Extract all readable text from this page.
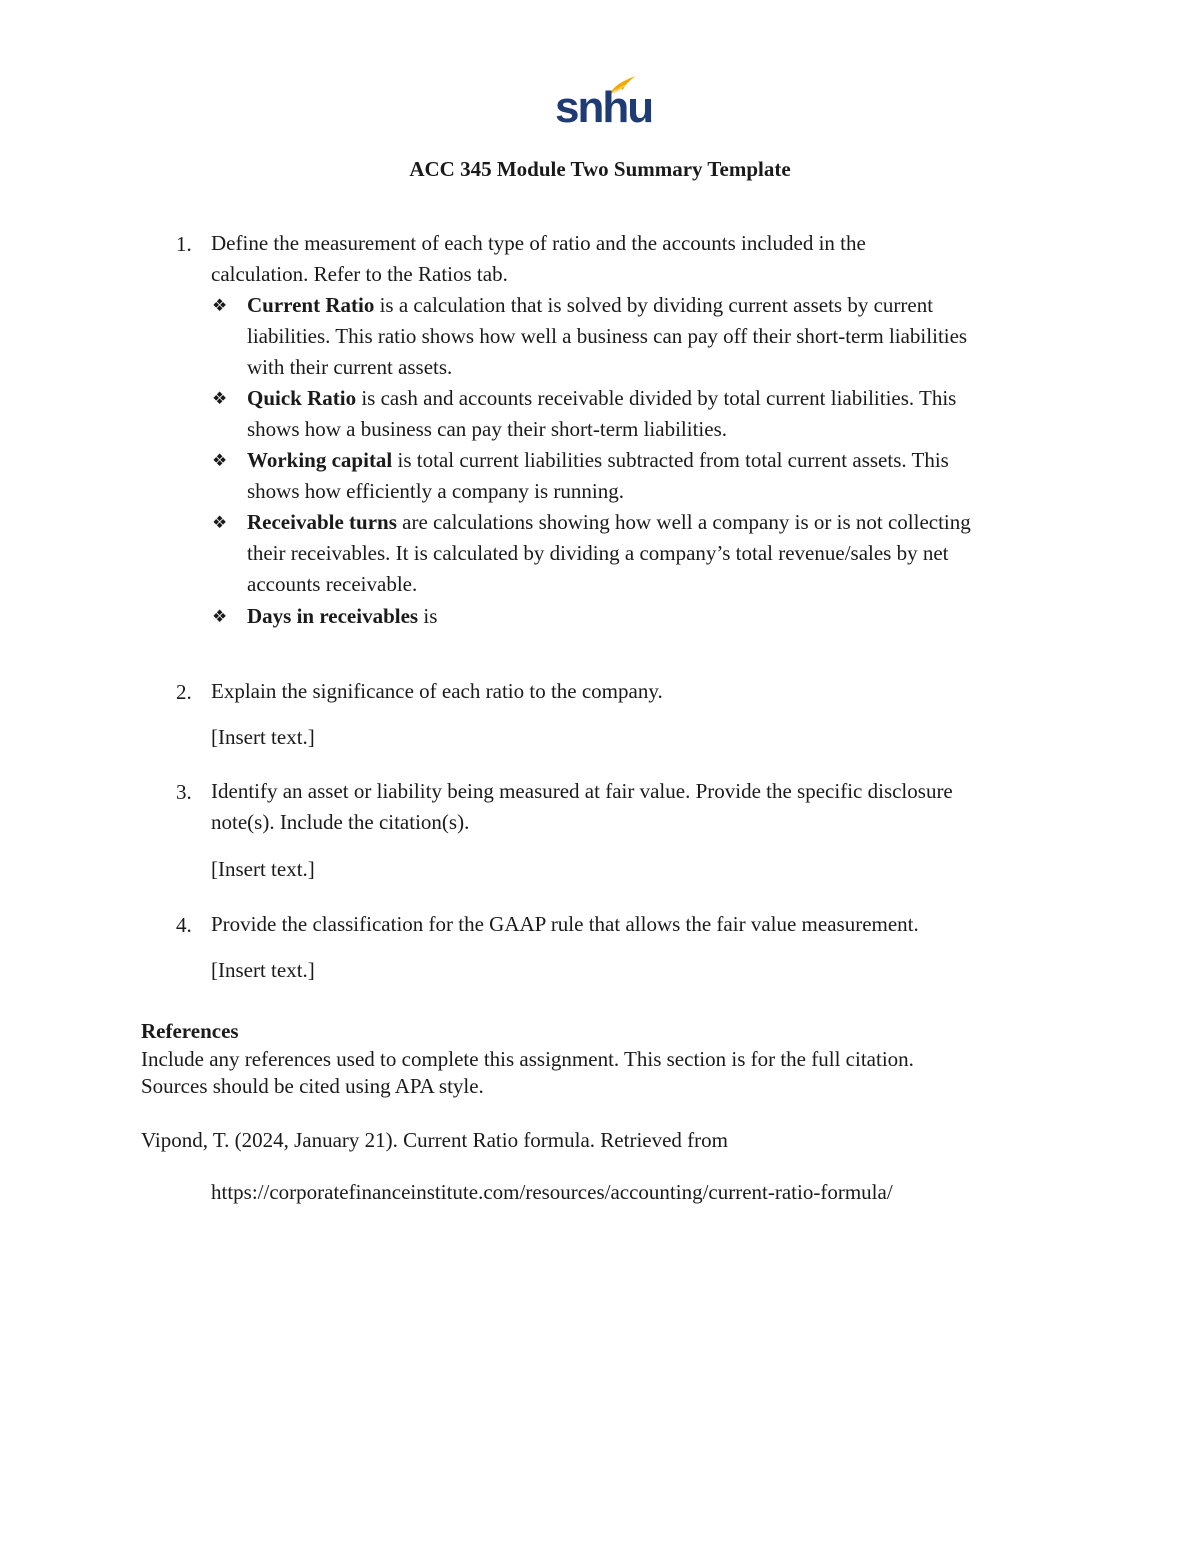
snhu
ACC 345 Module Two Summary Template
1. Define the measurement of each type of ratio and the accounts included in the
calculation. Refer to the Ratios tab.
❖ Current Ratio is a calculation that is solved by dividing current assets by current
liabilities. This ratio shows how well a business can pay off their short-term liabilities
with their current assets.
❖ Quick Ratio is cash and accounts receivable divided by total current liabilities. This
shows how a business can pay their short-term liabilities.
❖ Working capital is total current liabilities subtracted from total current assets. This
shows how efficiently a company is running.
❖ Receivable turns are calculations showing how well a company is or is not collecting
their receivables. It is calculated by dividing a company’s total revenue/sales by net
accounts receivable.
❖ Days in receivables is
2. Explain the significance of each ratio to the company.
[Insert text.]
3. Identify an asset or liability being measured at fair value. Provide the specific disclosure
note(s). Include the citation(s).
[Insert text.]
4. Provide the classification for the GAAP rule that allows the fair value measurement.
[Insert text.]
References
Include any references used to complete this assignment. This section is for the full citation.
Sources should be cited using APA style.
Vipond, T. (2024, January 21). Current Ratio formula. Retrieved from
https://corporatefinanceinstitute.com/resources/accounting/current-ratio-formula/
